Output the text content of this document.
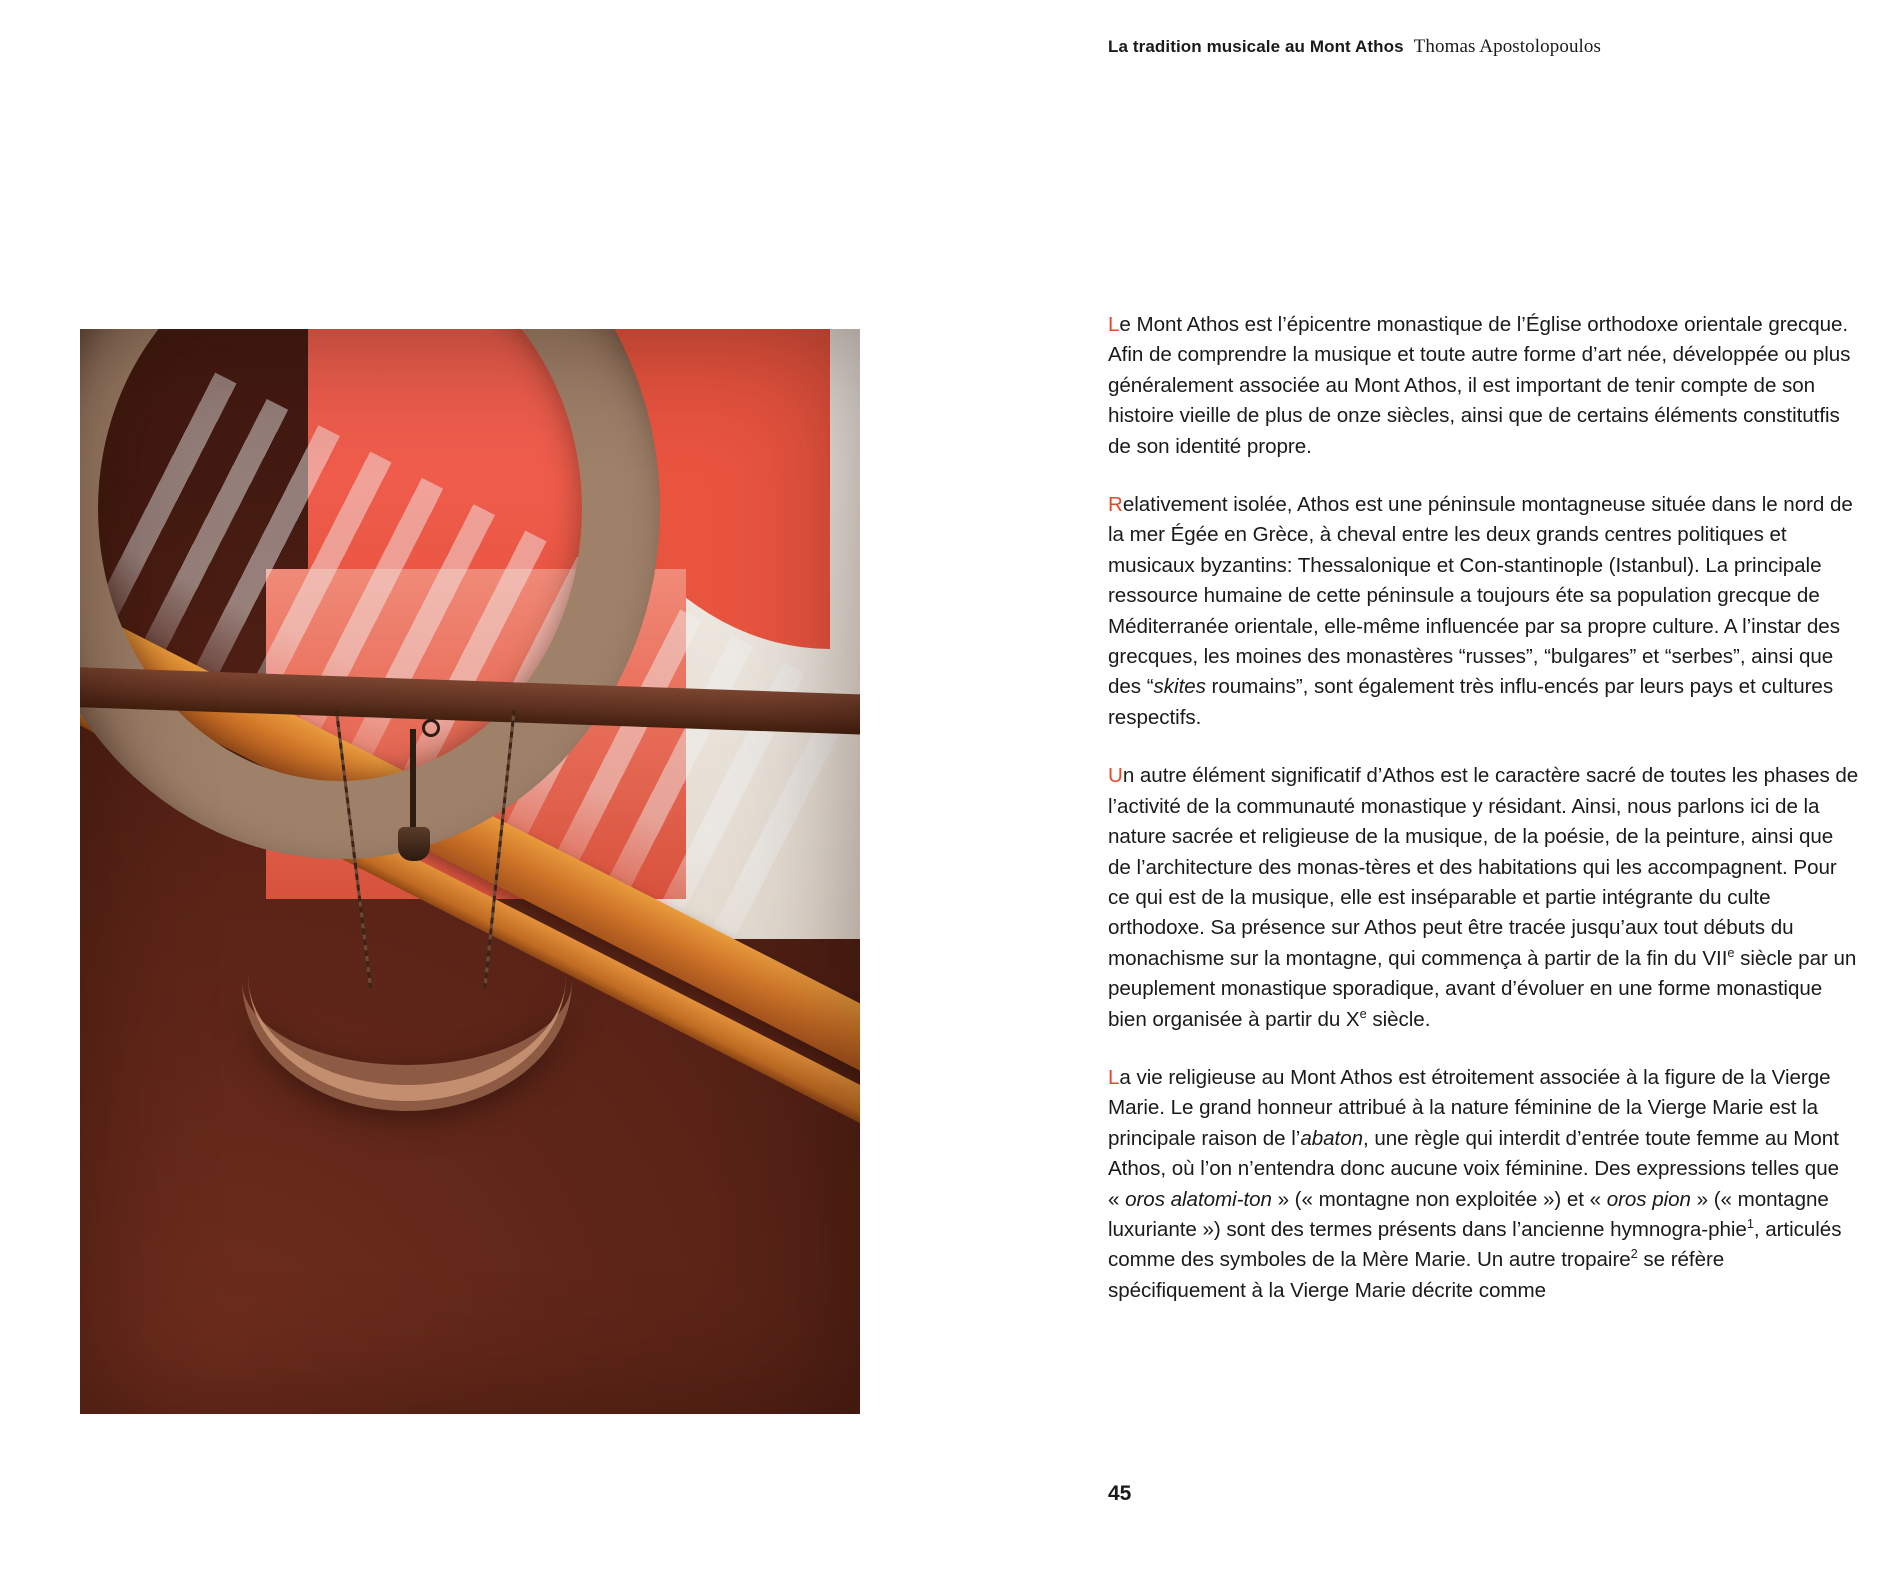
La tradition musicale au Mont Athos Thomas Apostolopoulos

Le Mont Athos est l’épicentre monastique de l’Église orthodoxe orientale grecque. Afin de comprendre la musique et toute autre forme d’art née, développée ou plus généralement associée au Mont Athos, il est important de tenir compte de son histoire vieille de plus de onze siècles, ainsi que de certains éléments constitutfis de son identité propre.

Relativement isolée, Athos est une péninsule montagneuse située dans le nord de la mer Égée en Grèce, à cheval entre les deux grands centres politiques et musicaux byzantins: Thessalonique et Con-stantinople (Istanbul). La principale ressource humaine de cette péninsule a toujours éte sa population grecque de Méditerranée orientale, elle-même influencée par sa propre culture. A l’instar des grecques, les moines des monastères “russes”, “bulgares” et “serbes”, ainsi que des “skites roumains”, sont également très influ-encés par leurs pays et cultures respectifs.

Un autre élément significatif d’Athos est le caractère sacré de toutes les phases de l’activité de la communauté monastique y résidant. Ainsi, nous parlons ici de la nature sacrée et religieuse de la musique, de la poésie, de la peinture, ainsi que de l’architecture des monas-tères et des habitations qui les accompagnent. Pour ce qui est de la musique, elle est inséparable et partie intégrante du culte orthodoxe. Sa présence sur Athos peut être tracée jusqu’aux tout débuts du monachisme sur la montagne, qui commença à partir de la fin du VIIe siècle par un peuplement monastique sporadique, avant d’évoluer en une forme monastique bien organisée à partir du Xe siècle.

La vie religieuse au Mont Athos est étroitement associée à la figure de la Vierge Marie. Le grand honneur attribué à la nature féminine de la Vierge Marie est la principale raison de l’abaton, une règle qui interdit d’entrée toute femme au Mont Athos, où l’on n’entendra donc aucune voix féminine. Des expressions telles que « oros alatomi-ton » (« montagne non exploitée ») et « oros pion » (« montagne luxuriante ») sont des termes présents dans l’ancienne hymnogra-phie$^1$, articulés comme des symboles de la Mère Marie. Un autre tropaire$^2$ se réfère spécifiquement à la Vierge Marie décrite comme

45
